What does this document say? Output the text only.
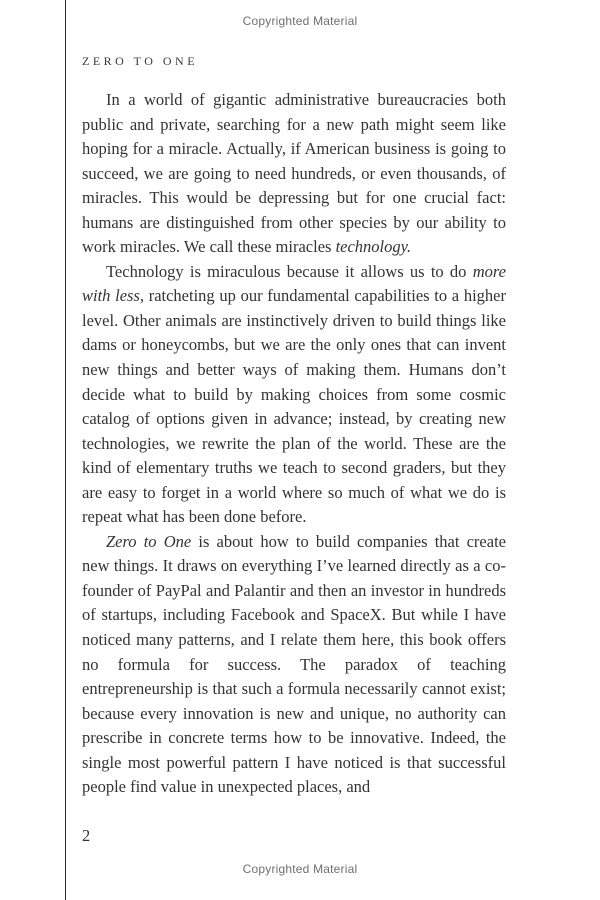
Copyrighted Material
ZERO TO ONE

In a world of gigantic administrative bureaucracies both public and private, searching for a new path might seem like hoping for a miracle. Actually, if American business is going to succeed, we are going to need hundreds, or even thousands, of miracles. This would be depressing but for one crucial fact: humans are distinguished from other species by our ability to work miracles. We call these miracles technology.

Technology is miraculous because it allows us to do more with less, ratcheting up our fundamental capabilities to a higher level. Other animals are instinctively driven to build things like dams or honeycombs, but we are the only ones that can invent new things and better ways of making them. Humans don’t decide what to build by making choices from some cosmic catalog of options given in advance; instead, by creating new technologies, we rewrite the plan of the world. These are the kind of elementary truths we teach to second graders, but they are easy to forget in a world where so much of what we do is repeat what has been done before.

Zero to One is about how to build companies that create new things. It draws on everything I’ve learned directly as a co-founder of PayPal and Palantir and then an investor in hundreds of startups, including Facebook and SpaceX. But while I have noticed many patterns, and I relate them here, this book offers no formula for success. The paradox of teaching entrepreneurship is that such a formula necessarily cannot exist; because every innovation is new and unique, no authority can prescribe in concrete terms how to be innovative. Indeed, the single most powerful pattern I have noticed is that successful people find value in unexpected places, and

2
Copyrighted Material
